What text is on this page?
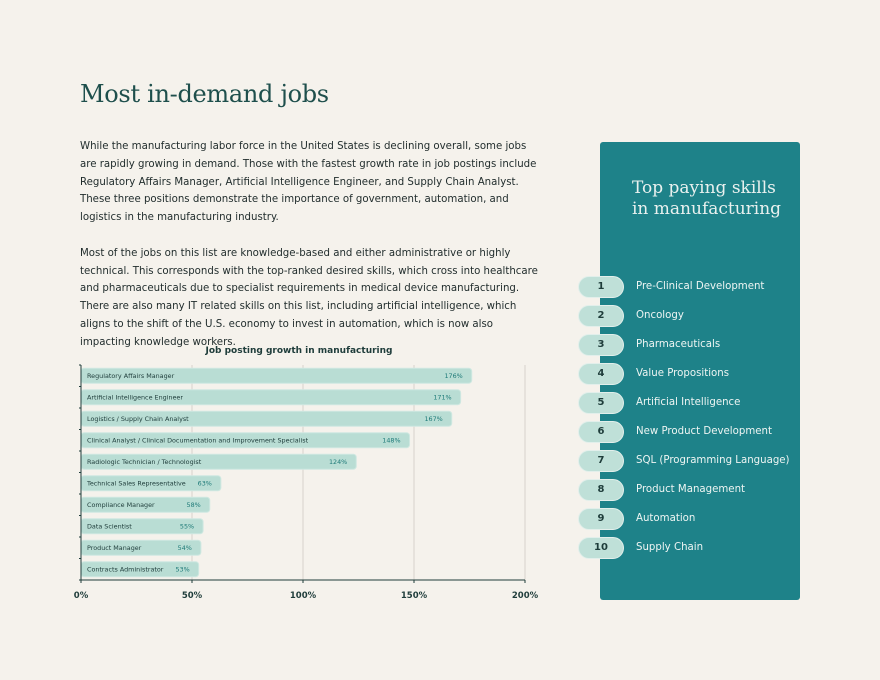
Most in-demand jobs

While the manufacturing labor force in the United States is declining overall, some jobs are rapidly growing in demand. Those with the fastest growth rate in job postings include Regulatory Affairs Manager, Artificial Intelligence Engineer, and Supply Chain Analyst. These three positions demonstrate the importance of government, automation, and logistics in the manufacturing industry.

Most of the jobs on this list are knowledge-based and either administrative or highly technical. This corresponds with the top-ranked desired skills, which cross into healthcare and pharmaceuticals due to specialist requirements in medical device manufacturing. There are also many IT related skills on this list, including artificial intelligence, which aligns to the shift of the U.S. economy to invest in automation, which is now also impacting knowledge workers.

Job posting growth in manufacturing
Regulatory Affairs Manager	176%
Artificial Intelligence Engineer	171%
Logistics / Supply Chain Analyst	167%
Clinical Analyst / Clinical Documentation and Improvement Specialist	148%
Radiologic Technician / Technologist	124%
Technical Sales Representative 63%
Compliance Manager	58%
Data Scientist	55%
Product Manager	54%
Contracts Administrator 53%
0%	50%	100%	150%	200%
Top paying skills in manufacturing
1	Pre-Clinical Development
2	Oncology
3	Pharmaceuticals
4	Value Propositions
5	Artificial Intelligence
6	New Product Development
7	SQL (Programming Language)
8	Product Management
9	Automation
10	Supply Chain
